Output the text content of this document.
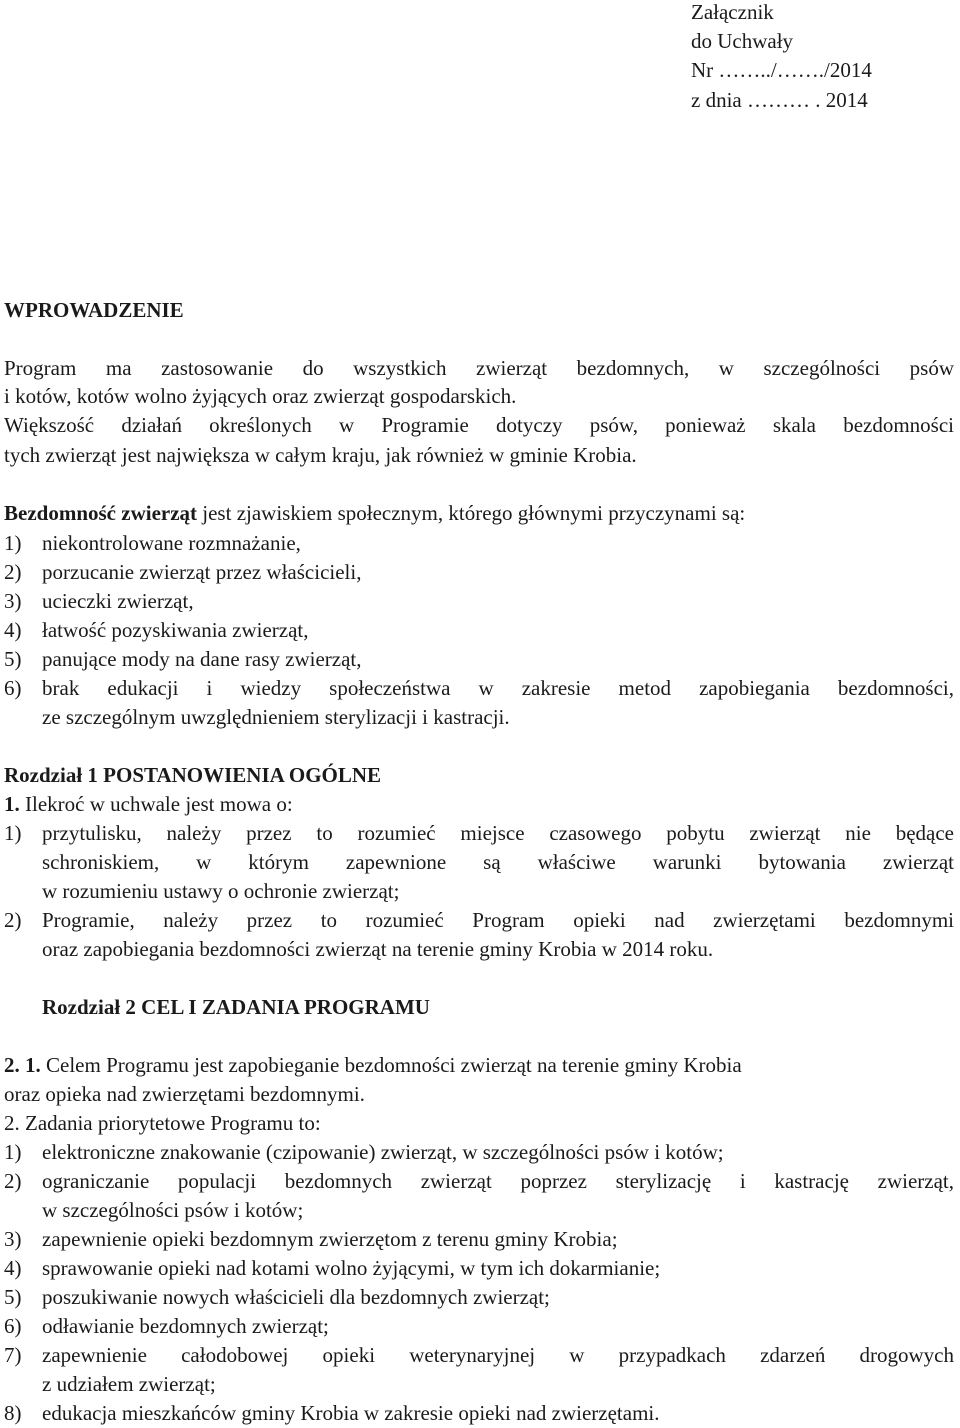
Załącznik
do Uchwały
Nr ……../……./2014
z dnia ……… . 2014
WPROWADZENIE
Program ma zastosowanie do wszystkich zwierząt bezdomnych, w szczególności psów
i kotów, kotów wolno żyjących oraz zwierząt gospodarskich.
Większość działań określonych w Programie dotyczy psów, ponieważ skala bezdomności
tych zwierząt jest największa w całym kraju, jak również w gminie Krobia.
Bezdomność zwierząt jest zjawiskiem społecznym, którego głównymi przyczynami są:
1) niekontrolowane rozmnażanie,
2) porzucanie zwierząt przez właścicieli,
3) ucieczki zwierząt,
4) łatwość pozyskiwania zwierząt,
5) panujące mody na dane rasy zwierząt,
6) brak edukacji i wiedzy społeczeństwa w zakresie metod zapobiegania bezdomności,
ze szczególnym uwzględnieniem sterylizacji i kastracji.
Rozdział 1 POSTANOWIENIA OGÓLNE
1. Ilekroć w uchwale jest mowa o:
1) przytulisku, należy przez to rozumieć miejsce czasowego pobytu zwierząt nie będące
schroniskiem, w którym zapewnione są właściwe warunki bytowania zwierząt
w rozumieniu ustawy o ochronie zwierząt;
2) Programie, należy przez to rozumieć Program opieki nad zwierzętami bezdomnymi
oraz zapobiegania bezdomności zwierząt na terenie gminy Krobia w 2014 roku.
Rozdział 2 CEL I ZADANIA PROGRAMU
2. 1. Celem Programu jest zapobieganie bezdomności zwierząt na terenie gminy Krobia
oraz opieka nad zwierzętami bezdomnymi.
2. Zadania priorytetowe Programu to:
1) elektroniczne znakowanie (czipowanie) zwierząt, w szczególności psów i kotów;
2) ograniczanie populacji bezdomnych zwierząt poprzez sterylizację i kastrację zwierząt,
w szczególności psów i kotów;
3) zapewnienie opieki bezdomnym zwierzętom z terenu gminy Krobia;
4) sprawowanie opieki nad kotami wolno żyjącymi, w tym ich dokarmianie;
5) poszukiwanie nowych właścicieli dla bezdomnych zwierząt;
6) odławianie bezdomnych zwierząt;
7) zapewnienie całodobowej opieki weterynaryjnej w przypadkach zdarzeń drogowych
z udziałem zwierząt;
8) edukacja mieszkańców gminy Krobia w zakresie opieki nad zwierzętami.
